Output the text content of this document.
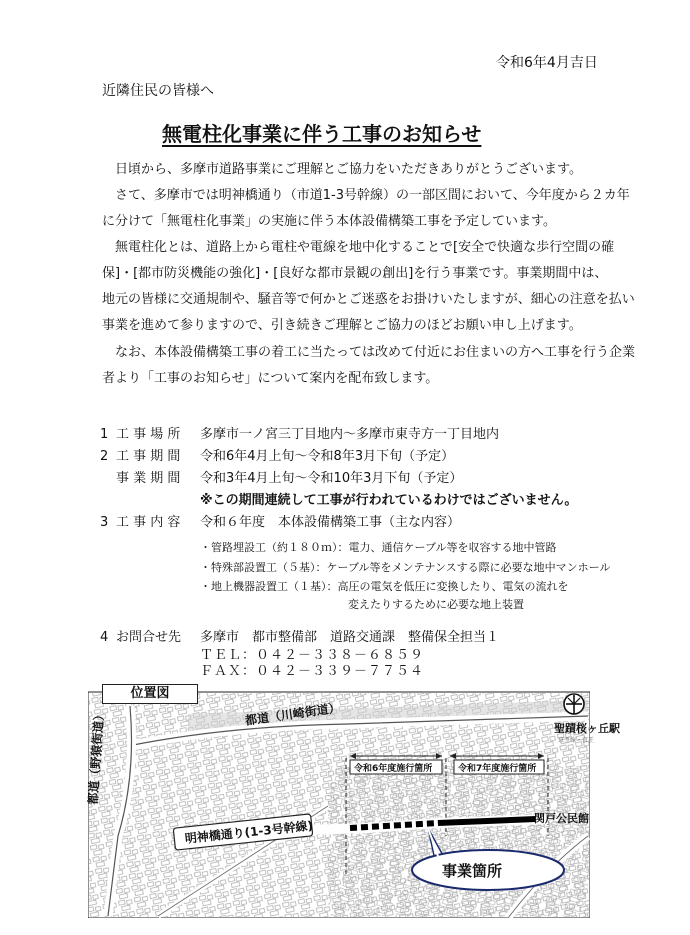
令和6年4月吉日
近隣住民の皆様へ
無電柱化事業に伴う工事のお知らせ
日頃から、多摩市道路事業にご理解とご協力をいただきありがとうございます。
さて、多摩市では明神橋通り（市道1-3号幹線）の一部区間において、今年度から２カ年
に分けて「無電柱化事業」の実施に伴う本体設備構築工事を予定しています。
無電柱化とは、道路上から電柱や電線を地中化することで[安全で快適な歩行空間の確
保]・[都市防災機能の強化]・[良好な都市景観の創出]を行う事業です。事業期間中は、
地元の皆様に交通規制や、騒音等で何かとご迷惑をお掛けいたしますが、細心の注意を払い
事業を進めて参りますので、引き続きご理解とご協力のほどお願い申し上げます。
なお、本体設備構築工事の着工に当たっては改めて付近にお住まいの方へ工事を行う企業
者より「工事のお知らせ」について案内を配布致します。
1 工 事 場 所 多摩市一ノ宮三丁目地内～多摩市東寺方一丁目地内
2 工 事 期 間 令和6年4月上旬～令和8年3月下旬（予定）
事 業 期 間 令和3年4月上旬～令和10年3月下旬（予定）
※この期間連続して工事が行われているわけではございません。
3 工 事 内 容 令和６年度　本体設備構築工事（主な内容）
・管路埋設工（約１８０ｍ）：電力、通信ケーブル等を収容する地中管路
・特殊部設置工（５基）：ケーブル等をメンテナンスする際に必要な地中マンホール
・地上機器設置工（１基）：高圧の電気を低圧に変換したり、電気の流れを
変えたりするために必要な地上装置
4 お問合せ先 多摩市　都市整備部　道路交通課　整備保全担当１
ＴＥＬ：０４２－３３８－６８５９
ＦＡＸ：０４２－３３９－７７５４
位置図
都道（川崎街道）
都道（野猿街道）
明神橋通り(1-3号幹線)
令和6年度施行箇所	令和7年度施行箇所
聖蹟桜ヶ丘駅
京王線・京王
関戸公民館
事業箇所
